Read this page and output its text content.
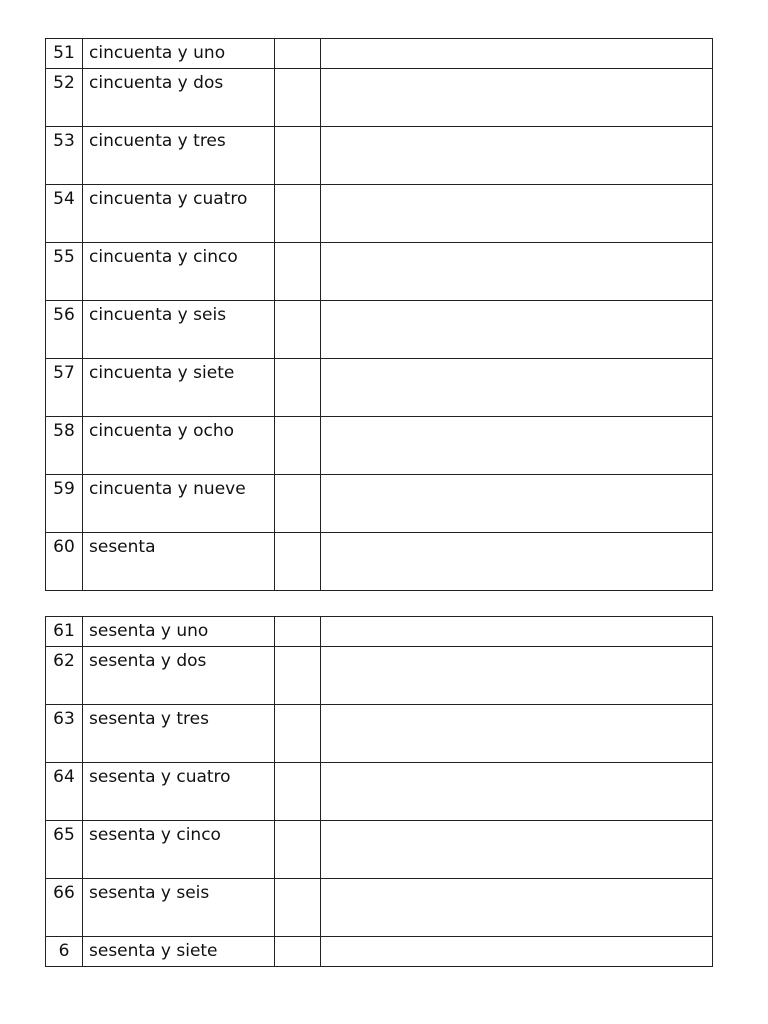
51	cincuenta y uno		
52	cincuenta y dos		
53	cincuenta y tres		
54	cincuenta y cuatro		
55	cincuenta y cinco		
56	cincuenta y seis		
57	cincuenta y siete		
58	cincuenta y ocho		
59	cincuenta y nueve		
60	sesenta		
61	sesenta y uno		
62	sesenta y dos		
63	sesenta y tres		
64	sesenta y cuatro		
65	sesenta y cinco		
66	sesenta y seis		
6	sesenta y siete		
